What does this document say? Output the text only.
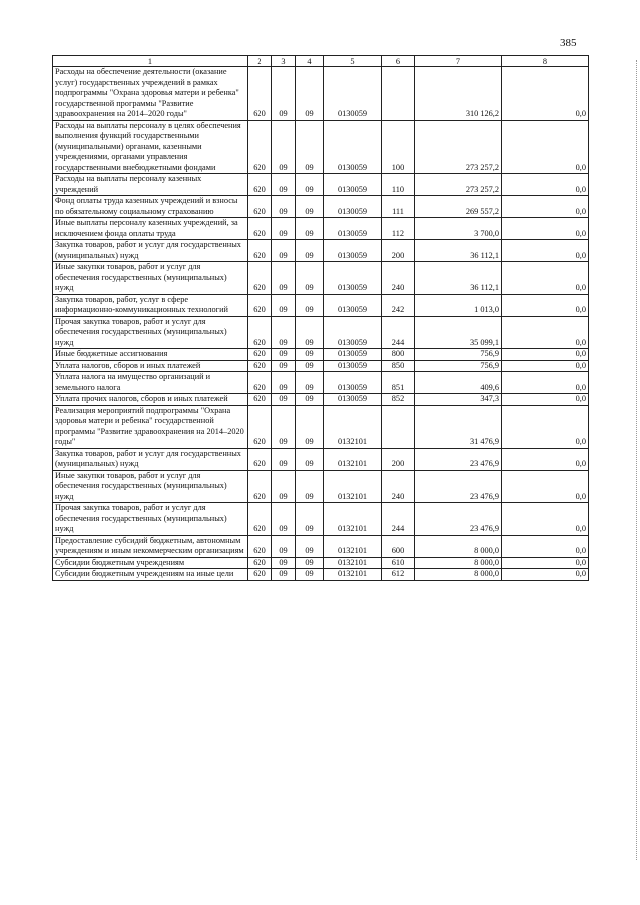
385
1	2	3	4	5	6	7	8
Расходы на обеспечение деятельности (оказание услуг) государственных учреждений в рамках подпрограммы "Охрана здоровья матери и ребенка" государственной программы "Развитие здравоохранения на 2014–2020 годы"	620	09	09	0130059		310 126,2	0,0
Расходы на выплаты персоналу в целях обеспечения выполнения функций государственными (муниципальными) органами, казенными учреждениями, органами управления государственными внебюджетными фондами	620	09	09	0130059	100	273 257,2	0,0
Расходы на выплаты персоналу казенных учреждений	620	09	09	0130059	110	273 257,2	0,0
Фонд оплаты труда казенных учреждений и взносы по обязательному социальному страхованию	620	09	09	0130059	111	269 557,2	0,0
Иные выплаты персоналу казенных учреждений, за исключением фонда оплаты труда	620	09	09	0130059	112	3 700,0	0,0
Закупка товаров, работ и услуг для государственных (муниципальных) нужд	620	09	09	0130059	200	36 112,1	0,0
Иные закупки товаров, работ и услуг для обеспечения государственных (муниципальных) нужд	620	09	09	0130059	240	36 112,1	0,0
Закупка товаров, работ, услуг в сфере информационно-коммуникационных технологий	620	09	09	0130059	242	1 013,0	0,0
Прочая закупка товаров, работ и услуг для обеспечения государственных (муниципальных) нужд	620	09	09	0130059	244	35 099,1	0,0
Иные бюджетные ассигнования	620	09	09	0130059	800	756,9	0,0
Уплата налогов, сборов и иных платежей	620	09	09	0130059	850	756,9	0,0
Уплата налога на имущество организаций и земельного налога	620	09	09	0130059	851	409,6	0,0
Уплата прочих налогов, сборов и иных платежей	620	09	09	0130059	852	347,3	0,0
Реализация мероприятий подпрограммы "Охрана здоровья матери и ребенка" государственной программы "Развитие здравоохранения на 2014–2020 годы"	620	09	09	0132101		31 476,9	0,0
Закупка товаров, работ и услуг для государственных (муниципальных) нужд	620	09	09	0132101	200	23 476,9	0,0
Иные закупки товаров, работ и услуг для обеспечения государственных (муниципальных) нужд	620	09	09	0132101	240	23 476,9	0,0
Прочая закупка товаров, работ и услуг для обеспечения государственных (муниципальных) нужд	620	09	09	0132101	244	23 476,9	0,0
Предоставление субсидий бюджетным, автономным учреждениям и иным некоммерческим организациям	620	09	09	0132101	600	8 000,0	0,0
Субсидии бюджетным учреждениям	620	09	09	0132101	610	8 000,0	0,0
Субсидии бюджетным учреждениям на иные цели	620	09	09	0132101	612	8 000,0	0,0
